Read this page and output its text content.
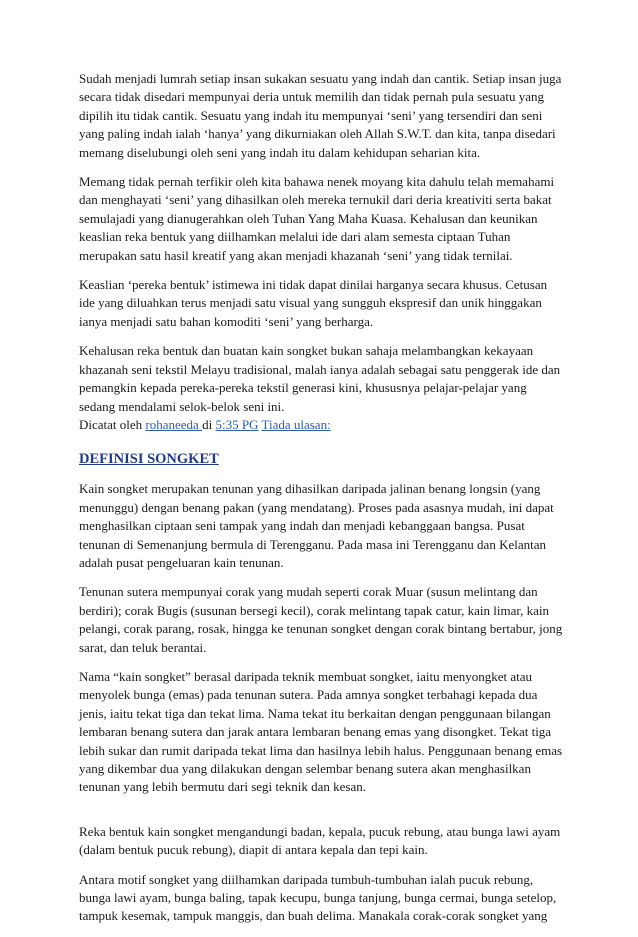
Sudah menjadi lumrah setiap insan sukakan sesuatu yang indah dan cantik. Setiap insan juga secara tidak disedari mempunyai deria untuk memilih dan tidak pernah pula sesuatu yang dipilih itu tidak cantik. Sesuatu yang indah itu mempunyai ‘seni’ yang tersendiri dan seni yang paling indah ialah ‘hanya’ yang dikurniakan oleh Allah S.W.T. dan kita, tanpa disedari memang diselubungi oleh seni yang indah itu dalam kehidupan seharian kita.

Memang tidak pernah terfikir oleh kita bahawa nenek moyang kita dahulu telah memahami dan menghayati ‘seni’ yang dihasilkan oleh mereka ternukil dari deria kreativiti serta bakat semulajadi yang dianugerahkan oleh Tuhan Yang Maha Kuasa. Kehalusan dan keunikan keaslian reka bentuk yang diilhamkan melalui ide dari alam semesta ciptaan Tuhan merupakan satu hasil kreatif yang akan menjadi khazanah ‘seni’ yang tidak ternilai.

Keaslian ‘pereka bentuk’ istimewa ini tidak dapat dinilai harganya secara khusus. Cetusan ide yang diluahkan terus menjadi satu visual yang sungguh ekspresif dan unik hinggakan ianya menjadi satu bahan komoditi ‘seni’ yang berharga.

Kehalusan reka bentuk dan buatan kain songket bukan sahaja melambangkan kekayaan khazanah seni tekstil Melayu tradisional, malah ianya adalah sebagai satu penggerak ide dan pemangkin kepada pereka-pereka tekstil generasi kini, khususnya pelajar-pelajar yang sedang mendalami selok-belok seni ini.

Dicatat oleh rohaneeda di 5:35 PG Tiada ulasan:
DEFINISI SONGKET

Kain songket merupakan tenunan yang dihasilkan daripada jalinan benang longsin (yang menunggu) dengan benang pakan (yang mendatang). Proses pada asasnya mudah, ini dapat menghasilkan ciptaan seni tampak yang indah dan menjadi kebanggaan bangsa. Pusat tenunan di Semenanjung bermula di Terengganu. Pada masa ini Terengganu dan Kelantan adalah pusat pengeluaran kain tenunan.

Tenunan sutera mempunyai corak yang mudah seperti corak Muar (susun melintang dan berdiri); corak Bugis (susunan bersegi kecil), corak melintang tapak catur, kain limar, kain pelangi, corak parang, rosak, hingga ke tenunan songket dengan corak bintang bertabur, jong sarat, dan teluk berantai.

Nama “kain songket” berasal daripada teknik membuat songket, iaitu menyongket atau menyolek bunga (emas) pada tenunan sutera. Pada amnya songket terbahagi kepada dua jenis, iaitu tekat tiga dan tekat lima. Nama tekat itu berkaitan dengan penggunaan bilangan lembaran benang sutera dan jarak antara lembaran benang emas yang disongket. Tekat tiga lebih sukar dan rumit daripada tekat lima dan hasilnya lebih halus. Penggunaan benang emas yang dikembar dua yang dilakukan dengan selembar benang sutera akan menghasilkan tenunan yang lebih bermutu dari segi teknik dan kesan.

Reka bentuk kain songket mengandungi badan, kepala, pucuk rebung, atau bunga lawi ayam (dalam bentuk pucuk rebung), diapit di antara kepala dan tepi kain.

Antara motif songket yang diilhamkan daripada tumbuh-tumbuhan ialah pucuk rebung, bunga lawi ayam, bunga baling, tapak kecupu, bunga tanjung, bunga cermai, bunga setelop, tampuk kesemak, tampuk manggis, dan buah delima. Manakala corak-corak songket yang
